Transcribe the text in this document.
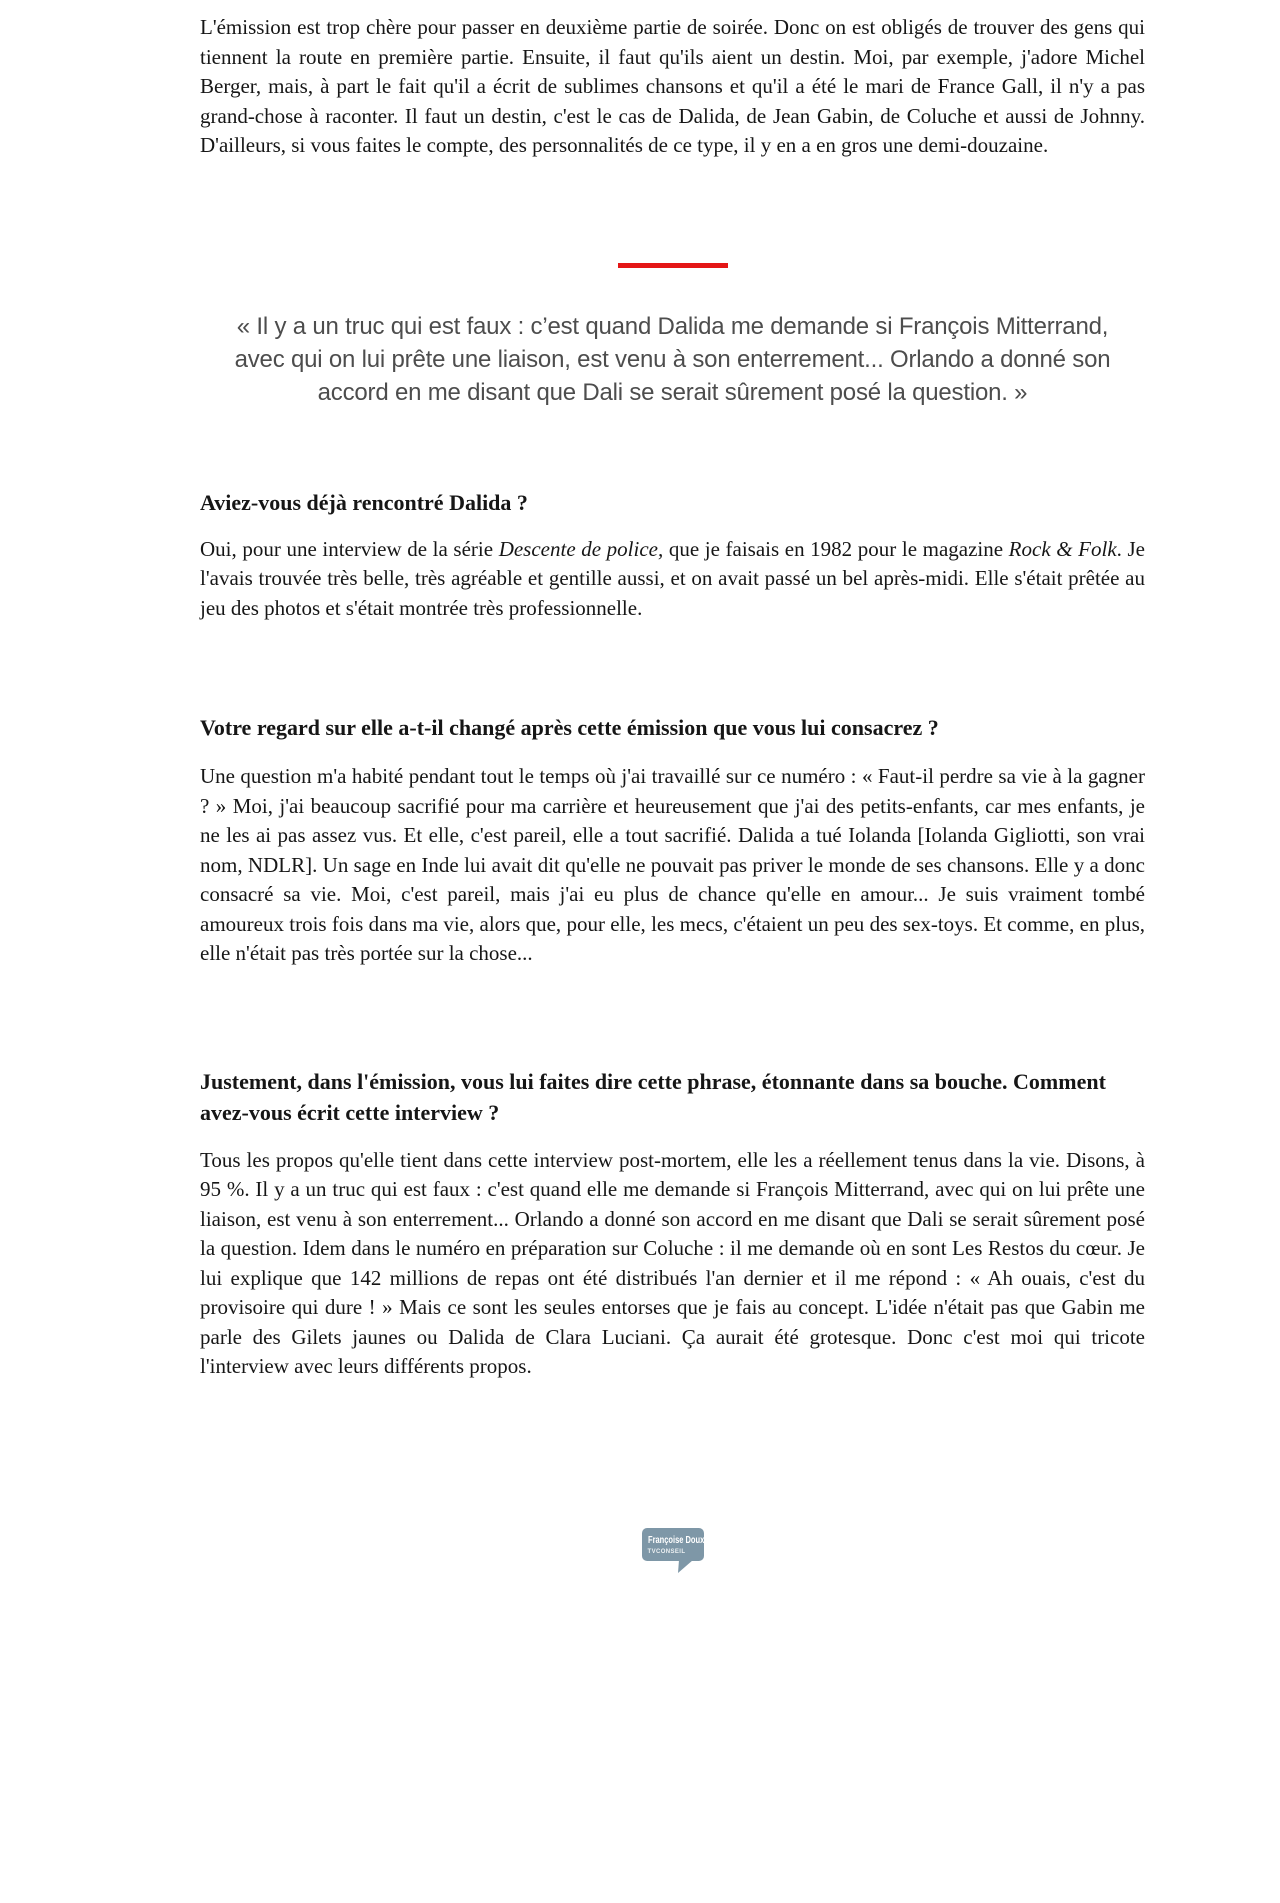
L'émission est trop chère pour passer en deuxième partie de soirée. Donc on est obligés de trouver des gens qui tiennent la route en première partie. Ensuite, il faut qu'ils aient un destin. Moi, par exemple, j'adore Michel Berger, mais, à part le fait qu'il a écrit de sublimes chansons et qu'il a été le mari de France Gall, il n'y a pas grand-chose à raconter. Il faut un destin, c'est le cas de Dalida, de Jean Gabin, de Coluche et aussi de Johnny. D'ailleurs, si vous faites le compte, des personnalités de ce type, il y en a en gros une demi-douzaine.

« Il y a un truc qui est faux : c’est quand Dalida me demande si François Mitterrand, avec qui on lui prête une liaison, est venu à son enterrement... Orlando a donné son accord en me disant que Dali se serait sûrement posé la question. »
Aviez-vous déjà rencontré Dalida ?

Oui, pour une interview de la série Descente de police, que je faisais en 1982 pour le magazine Rock & Folk. Je l'avais trouvée très belle, très agréable et gentille aussi, et on avait passé un bel après-midi. Elle s'était prêtée au jeu des photos et s'était montrée très professionnelle.

Votre regard sur elle a-t-il changé après cette émission que vous lui consacrez ?

Une question m'a habité pendant tout le temps où j'ai travaillé sur ce numéro : « Faut-il perdre sa vie à la gagner ? » Moi, j'ai beaucoup sacrifié pour ma carrière et heureusement que j'ai des petits-enfants, car mes enfants, je ne les ai pas assez vus. Et elle, c'est pareil, elle a tout sacrifié. Dalida a tué Iolanda [Iolanda Gigliotti, son vrai nom, NDLR]. Un sage en Inde lui avait dit qu'elle ne pouvait pas priver le monde de ses chansons. Elle y a donc consacré sa vie. Moi, c'est pareil, mais j'ai eu plus de chance qu'elle en amour... Je suis vraiment tombé amoureux trois fois dans ma vie, alors que, pour elle, les mecs, c'étaient un peu des sex-toys. Et comme, en plus, elle n'était pas très portée sur la chose...

Justement, dans l'émission, vous lui faites dire cette phrase, étonnante dans sa bouche. Comment avez-vous écrit cette interview ?

Tous les propos qu'elle tient dans cette interview post-mortem, elle les a réellement tenus dans la vie. Disons, à 95 %. Il y a un truc qui est faux : c'est quand elle me demande si François Mitterrand, avec qui on lui prête une liaison, est venu à son enterrement... Orlando a donné son accord en me disant que Dali se serait sûrement posé la question. Idem dans le numéro en préparation sur Coluche : il me demande où en sont Les Restos du cœur. Je lui explique que 142 millions de repas ont été distribués l'an dernier et il me répond : « Ah ouais, c'est du provisoire qui dure ! » Mais ce sont les seules entorses que je fais au concept. L'idée n'était pas que Gabin me parle des Gilets jaunes ou Dalida de Clara Luciani. Ça aurait été grotesque. Donc c'est moi qui tricote l'interview avec leurs différents propos.

Françoise Doux
TVCONSEIL
